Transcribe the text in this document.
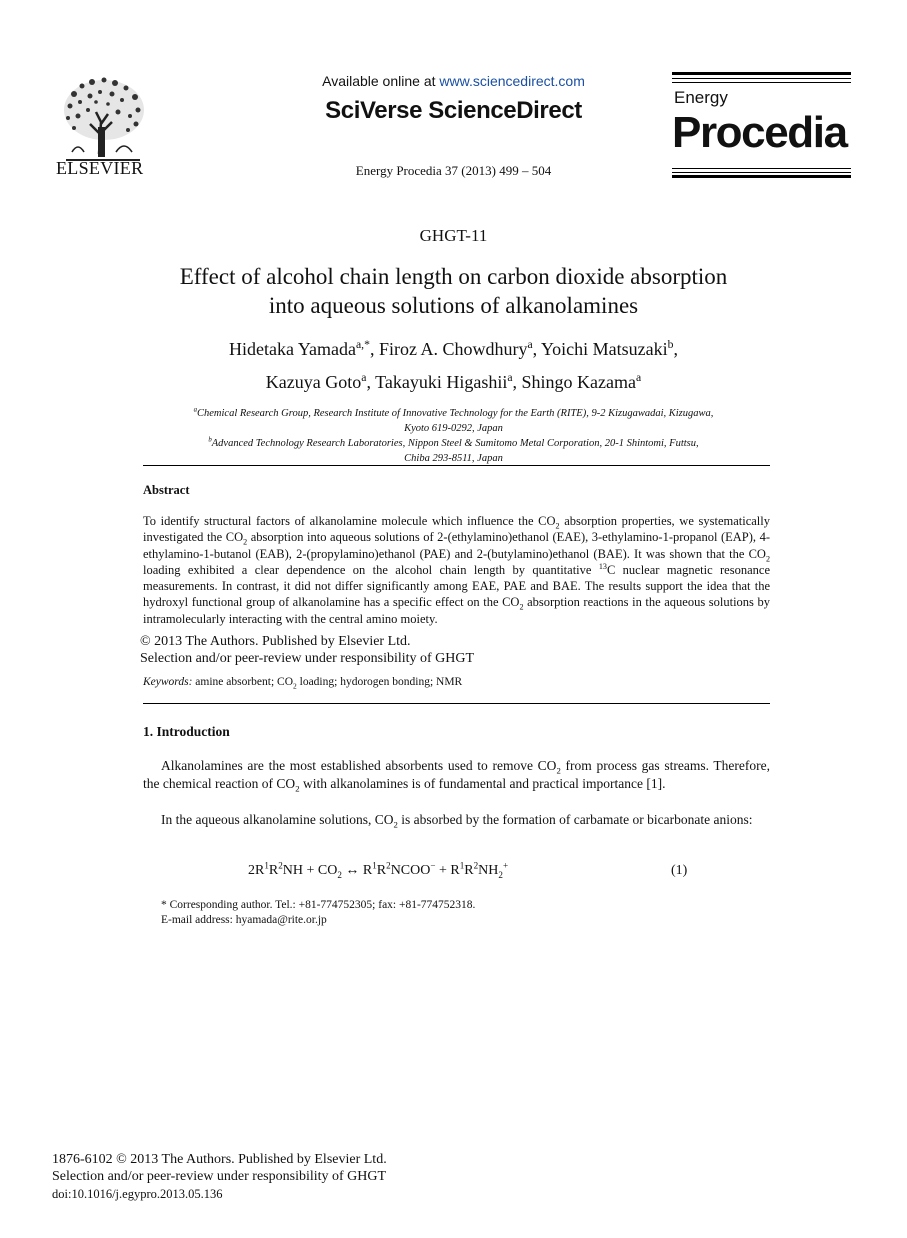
ELSEVIER
Available online at www.sciencedirect.com
SciVerse ScienceDirect
Energy Procedia 37 (2013) 499 – 504
Energy
Procedia
GHGT-11
Effect of alcohol chain length on carbon dioxide absorption
into aqueous solutions of alkanolamines
Hidetaka Yamada$^{a,*}$, Firoz A. Chowdhury$^a$, Yoichi Matsuzaki$^b$,
Kazuya Goto$^a$, Takayuki Higashii$^a$, Shingo Kazama$^a$
$^a$Chemical Research Group, Research Institute of Innovative Technology for the Earth (RITE), 9-2 Kizugawadai, Kizugawa,
Kyoto 619-0292, Japan
$^b$Advanced Technology Research Laboratories, Nippon Steel & Sumitomo Metal Corporation, 20-1 Shintomi, Futtsu,
Chiba 293-8511, Japan
Abstract
To identify structural factors of alkanolamine molecule which influence the $CO_2$ absorption properties, we systematically investigated the $CO_2$ absorption into aqueous solutions of 2-(ethylamino)ethanol (EAE), 3-ethylamino-1-propanol (EAP), 4-ethylamino-1-butanol (EAB), 2-(propylamino)ethanol (PAE) and 2-(butylamino)ethanol (BAE). It was shown that the $CO_2$ loading exhibited a clear dependence on the alcohol chain length by quantitative $^{13}$C nuclear magnetic resonance measurements. In contrast, it did not differ significantly among EAE, PAE and BAE. The results support the idea that the hydroxyl functional group of alkanolamine has a specific effect on the $CO_2$ absorption reactions in the aqueous solutions by intramolecularly interacting with the central amino moiety.
© 2013 The Authors. Published by Elsevier Ltd.
Selection and/or peer-review under responsibility of GHGT
Keywords: amine absorbent; $CO_2$ loading; hydorogen bonding; NMR
1. Introduction
Alkanolamines are the most established absorbents used to remove $CO_2$ from process gas streams. Therefore, the chemical reaction of $CO_2$ with alkanolamines is of fundamental and practical importance [1].
In the aqueous alkanolamine solutions, $CO_2$ is absorbed by the formation of carbamate or bicarbonate anions:
$2R^1R^2NH + CO_2$ ↔ $R^1R^2NCOO^- + R^1R^2NH_2^+$	(1)
* Corresponding author. Tel.: +81-774752305; fax: +81-774752318.
E-mail address: hyamada@rite.or.jp
1876-6102 © 2013 The Authors. Published by Elsevier Ltd.
Selection and/or peer-review under responsibility of GHGT
doi:10.1016/j.egypro.2013.05.136
